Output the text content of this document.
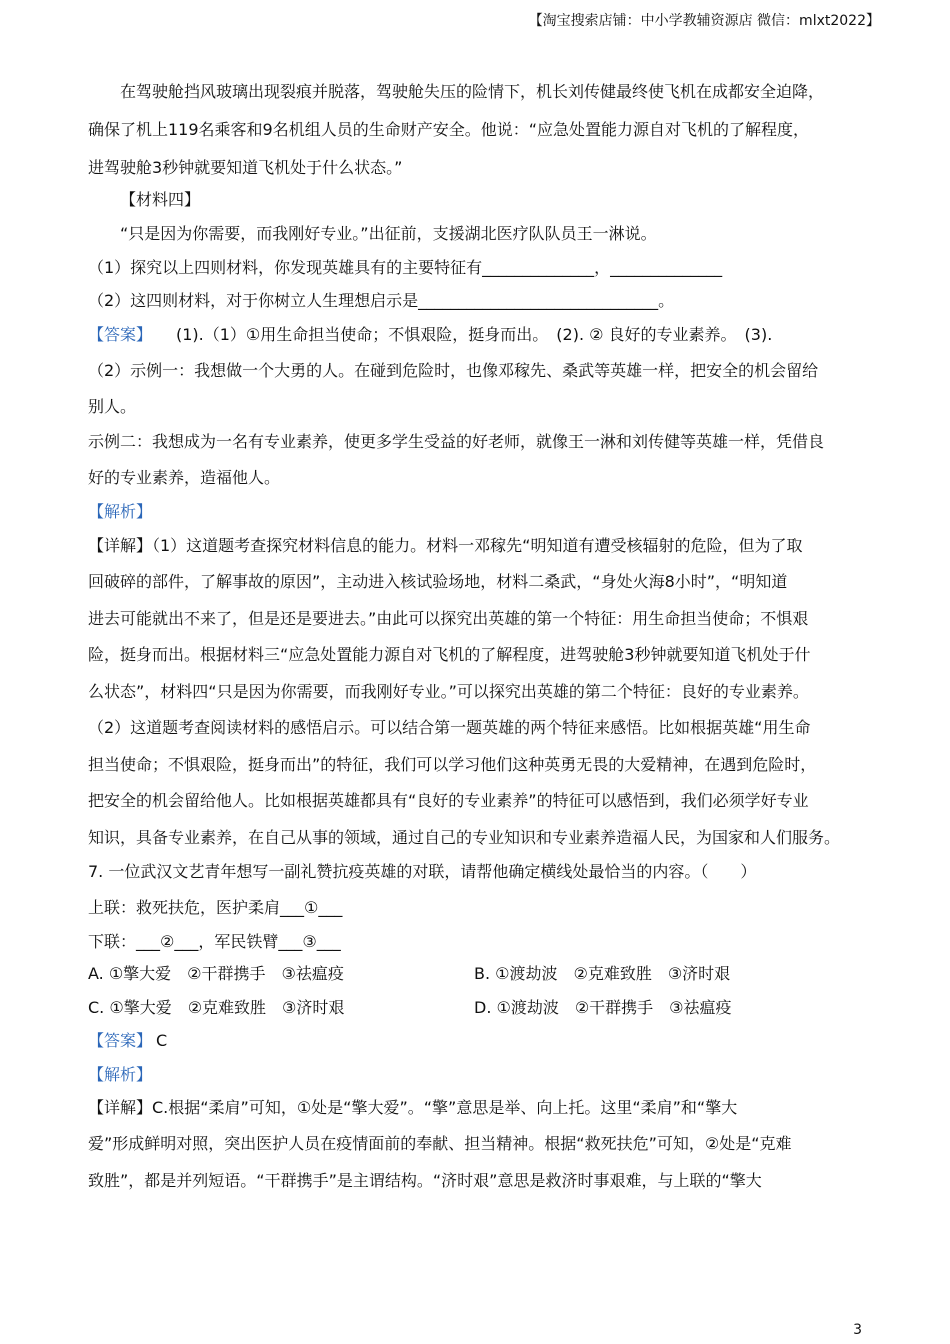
【淘宝搜索店铺：中小学教辅资源店 微信：mlxt2022】
在驾驶舱挡风玻璃出现裂痕并脱落，驾驶舱失压的险情下，机长刘传健最终使飞机在成都安全迫降，
确保了机上119名乘客和9名机组人员的生命财产安全。他说：“应急处置能力源自对飞机的了解程度，
进驾驶舱3秒钟就要知道飞机处于什么状态。”
【材料四】
“只是因为你需要，而我刚好专业。”出征前，支援湖北医疗队队员王一淋说。
（1）探究以上四则材料，你发现英雄具有的主要特征有______________，______________
（2）这四则材料，对于你树立人生理想启示是______________________________。
【答案】 (1).（1）①用生命担当使命；不惧艰险，挺身而出。　(2). ② 良好的专业素养。　(3).
（2）示例一：我想做一个大勇的人。在碰到危险时，也像邓稼先、桑武等英雄一样，把安全的机会留给
别人。
示例二：我想成为一名有专业素养，使更多学生受益的好老师，就像王一淋和刘传健等英雄一样，凭借良
好的专业素养，造福他人。
【解析】
【详解】（1）这道题考查探究材料信息的能力。材料一邓稼先“明知道有遭受核辐射的危险，但为了取
回破碎的部件，了解事故的原因”，主动进入核试验场地，材料二桑武，“身处火海8小时”，“明知道
进去可能就出不来了，但是还是要进去。”由此可以探究出英雄的第一个特征：用生命担当使命；不惧艰
险，挺身而出。根据材料三“应急处置能力源自对飞机的了解程度，进驾驶舱3秒钟就要知道飞机处于什
么状态”，材料四“只是因为你需要，而我刚好专业。”可以探究出英雄的第二个特征：良好的专业素养。
（2）这道题考查阅读材料的感悟启示。可以结合第一题英雄的两个特征来感悟。比如根据英雄“用生命
担当使命；不惧艰险，挺身而出”的特征，我们可以学习他们这种英勇无畏的大爱精神，在遇到危险时，
把安全的机会留给他人。比如根据英雄都具有“良好的专业素养”的特征可以感悟到，我们必须学好专业
知识，具备专业素养，在自己从事的领域，通过自己的专业知识和专业素养造福人民，为国家和人们服务。
7. 一位武汉文艺青年想写一副礼赞抗疫英雄的对联，请帮他确定横线处最恰当的内容。（　　）
上联：救死扶危，医护柔肩___①___
下联：___②___，军民铁臂___③___
A. ①擎大爱　②干群携手　③祛瘟疫	B. ①渡劫波　②克难致胜　③济时艰
C. ①擎大爱　②克难致胜　③济时艰	D. ①渡劫波　②干群携手　③祛瘟疫
【答案】 C
【解析】
【详解】C.根据“柔肩”可知，①处是“擎大爱”。“擎”意思是举、向上托。这里“柔肩”和“擎大
爱”形成鲜明对照，突出医护人员在疫情面前的奉献、担当精神。根据“救死扶危”可知，②处是“克难
致胜”，都是并列短语。“干群携手”是主谓结构。“济时艰”意思是救济时事艰难，与上联的“擎大
3
